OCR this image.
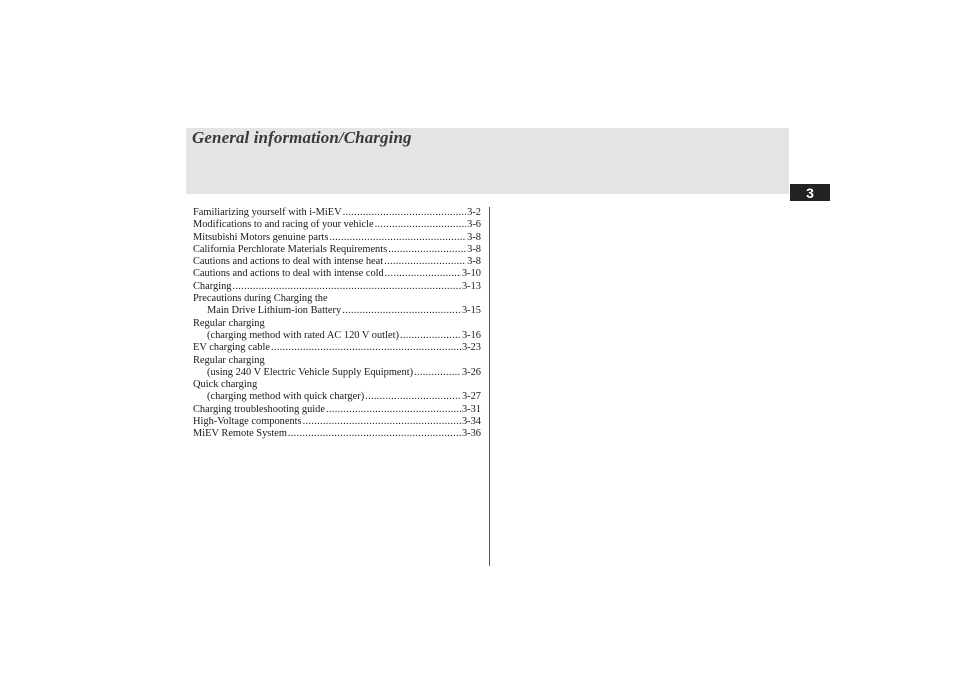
General information/Charging
3
Familiarizing yourself with i-MiEV .....	3-2
Modifications to and racing of your vehicle .....	3-6
Mitsubishi Motors genuine parts .....	3-8
California Perchlorate Materials Requirements .....	3-8
Cautions and actions to deal with intense heat .....	3-8
Cautions and actions to deal with intense cold .....	3-10
Charging .....	3-13
Precautions during Charging the
Main Drive Lithium-ion Battery .....	3-15
Regular charging
(charging method with rated AC 120 V outlet) .....	3-16
EV charging cable .....	3-23
Regular charging
(using 240 V Electric Vehicle Supply Equipment) .....	3-26
Quick charging
(charging method with quick charger) .....	3-27
Charging troubleshooting guide .....	3-31
High-Voltage components .....	3-34
MiEV Remote System .....	3-36
